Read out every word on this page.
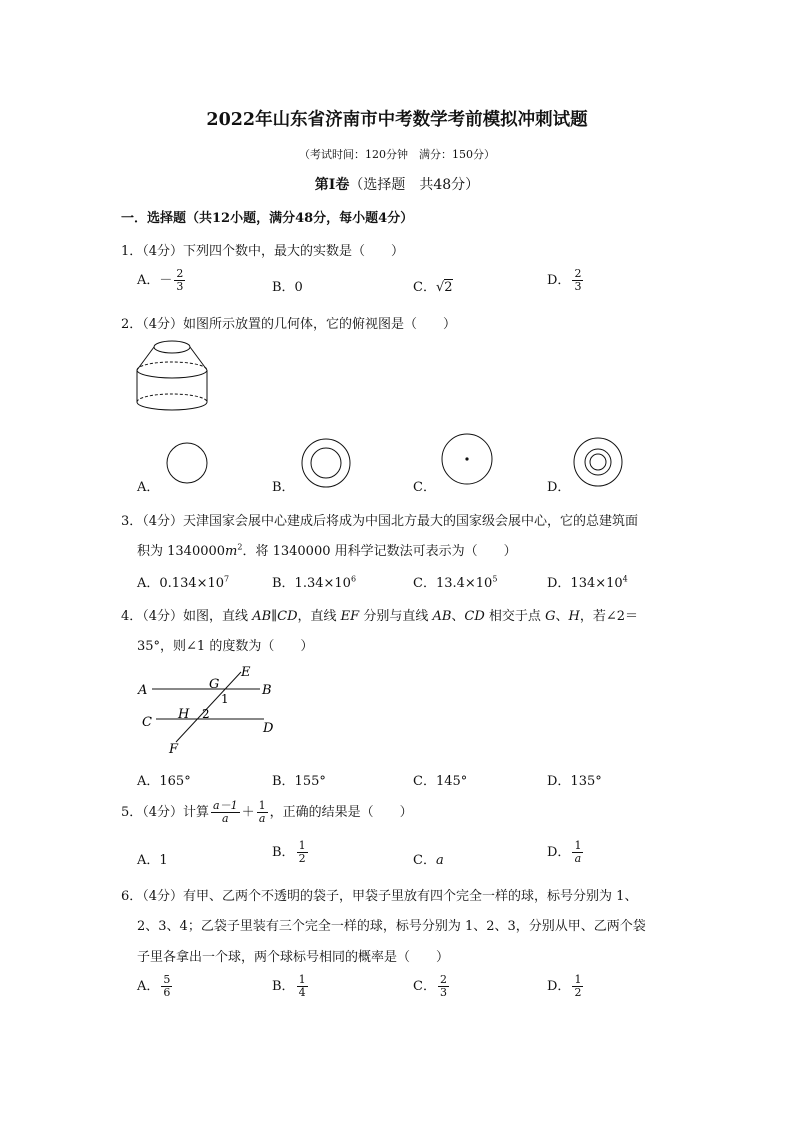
2022年山东省济南市中考数学考前模拟冲刺试题
（考试时间：120分钟　满分：150分）
第Ⅰ卷（选择题　共48分）
一．选择题（共12小题，满分48分，每小题4分）
1．（4分）下列四个数中，最大的实数是（　　）
A．－ $\frac{2}{3}$	B．0	C．√2	D． $\frac{2}{3}$
2．（4分）如图所示放置的几何体，它的俯视图是（　　）
A．	B．	C．	D．
3．（4分）天津国家会展中心建成后将成为中国北方最大的国家级会展中心，它的总建筑面
积为 $1340000m^2$．将 1340000 用科学记数法可表示为（　　）
A．$0.134\times 10^7$	B．$1.34\times 10^6$	C．$13.4\times 10^5$	D．$134\times 10^4$
4．（4分）如图，直线 AB∥CD，直线 EF 分别与直线 AB、CD 相交于点 G、H，若∠2＝
35°，则∠1 的度数为（　　）
A	B
C	D
E
F
G
H
1
2
A．165°	B．155°	C．145°	D．135°
5．（4分）计算 $\frac{a-1}{a} + \frac{1}{a}$ ，正确的结果是（　　）
A．1
B． $\frac{1}{2}$	C．a
D． $\frac{1}{a}$
6．（4分）有甲、乙两个不透明的袋子，甲袋子里放有四个完全一样的球，标号分别为 1、
2、3、4；乙袋子里装有三个完全一样的球，标号分别为 1、2、3，分别从甲、乙两个袋
子里各拿出一个球，两个球标号相同的概率是（　　）
A． $\frac{5}{6}$	B． $\frac{1}{4}$	C． $\frac{2}{3}$	D． $\frac{1}{2}$
